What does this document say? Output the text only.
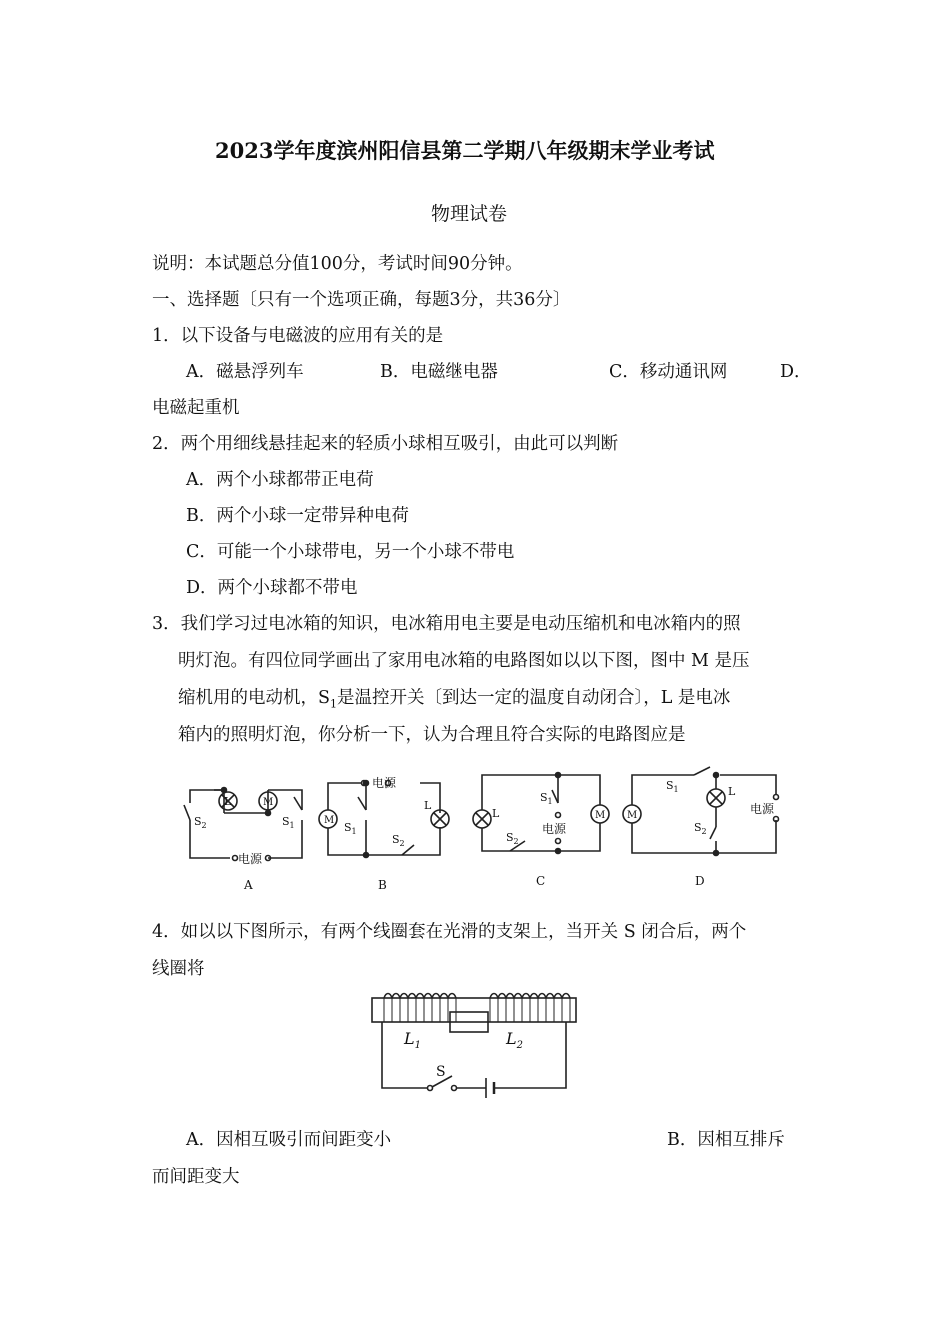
2023学年度滨州阳信县第二学期八年级期末学业考试
物理试卷
说明：本试题总分值100分，考试时间90分钟。
一、选择题〔只有一个选项正确，每题3分，共36分〕
1．以下设备与电磁波的应用有关的是
A．磁悬浮列车	B．电磁继电器	C．移动通讯网	D．
电磁起重机
2．两个用细线悬挂起来的轻质小球相互吸引，由此可以判断
A．两个小球都带正电荷
B．两个小球一定带异种电荷
C．可能一个小球带电，另一个小球不带电
D．两个小球都不带电
3．我们学习过电冰箱的知识，电冰箱用电主要是电动压缩机和电冰箱内的照
明灯泡。有四位同学画出了家用电冰箱的电路图如以以下图，图中 M 是压
缩机用的电动机，$S_1$是温控开关〔到达一定的温度自动闭合〕，L 是电冰
箱内的照明灯泡，你分析一下，认为合理且符合实际的电路图应是
L	M
$S_2$	$S_1$
电源
A
M
L
电源
$S_1$
$S_2$
B
L	M
$S_1$
$S_2$
电源
C
M
L
$S_1$
$S_2$
电源
D
4．如以以下图所示，有两个线圈套在光滑的支架上，当开关 S 闭合后，两个
线圈将
$L_1$	$L_2$
S
A．因相互吸引而间距变小	B．因相互排斥
而间距变大
